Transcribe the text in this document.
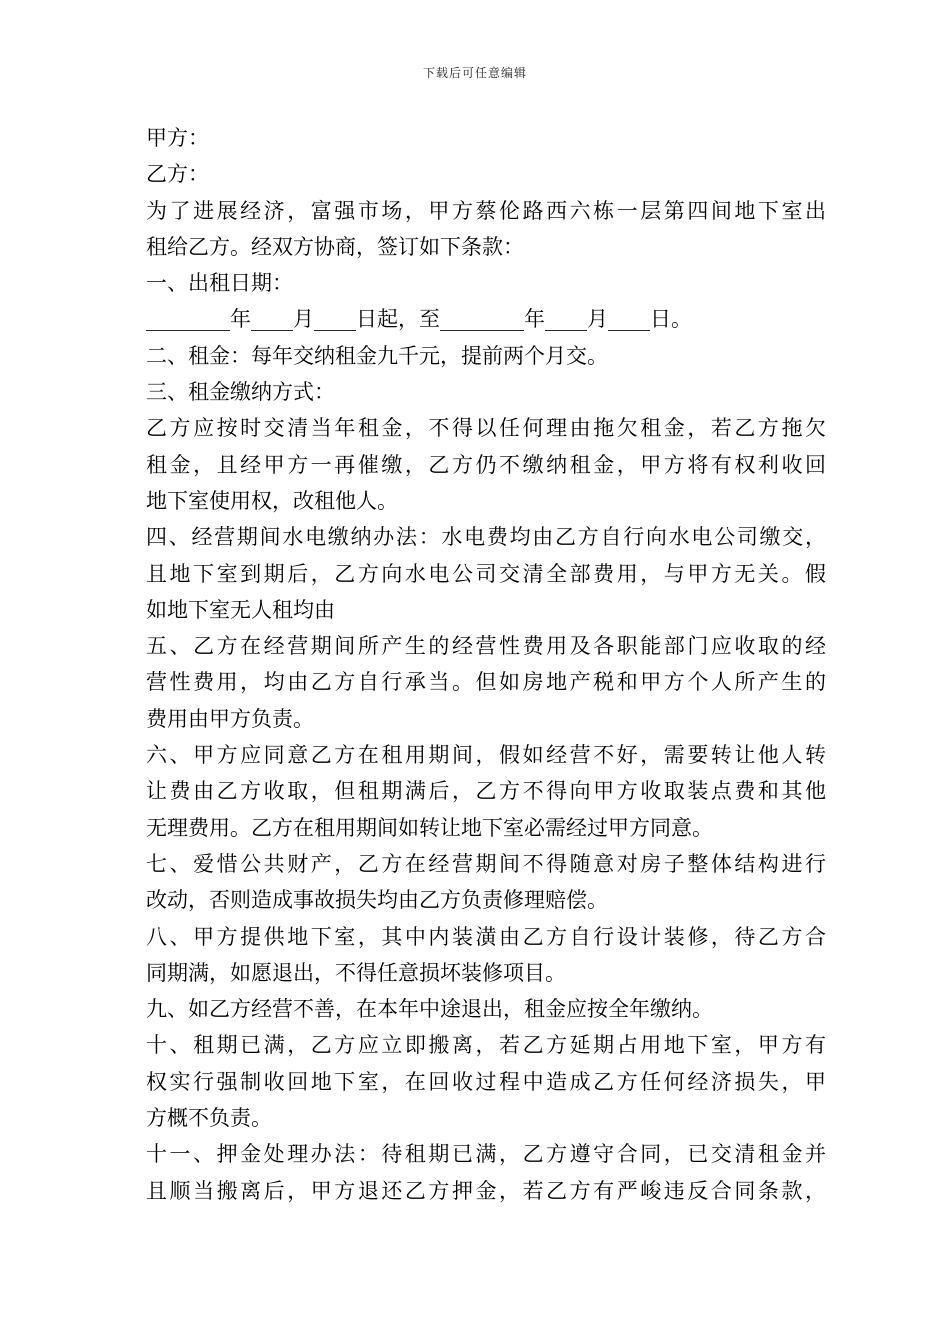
下载后可任意编辑
甲方：
乙方：
为了进展经济，富强市场，甲方蔡伦路西六栋一层第四间地下室出
租给乙方。经双方协商，签订如下条款：
一、出租日期：
________年____月____日起，至________年____月____日。
二、租金：每年交纳租金九千元，提前两个月交。
三、租金缴纳方式：
乙方应按时交清当年租金，不得以任何理由拖欠租金，若乙方拖欠
租金，且经甲方一再催缴，乙方仍不缴纳租金，甲方将有权利收回
地下室使用权，改租他人。
四、经营期间水电缴纳办法：水电费均由乙方自行向水电公司缴交，
且地下室到期后，乙方向水电公司交清全部费用，与甲方无关。假
如地下室无人租均由
五、乙方在经营期间所产生的经营性费用及各职能部门应收取的经
营性费用，均由乙方自行承当。但如房地产税和甲方个人所产生的
费用由甲方负责。
六、甲方应同意乙方在租用期间，假如经营不好，需要转让他人转
让费由乙方收取，但租期满后，乙方不得向甲方收取装点费和其他
无理费用。乙方在租用期间如转让地下室必需经过甲方同意。
七、爱惜公共财产，乙方在经营期间不得随意对房子整体结构进行
改动，否则造成事故损失均由乙方负责修理赔偿。
八、甲方提供地下室，其中内装潢由乙方自行设计装修，待乙方合
同期满，如愿退出，不得任意损坏装修项目。
九、如乙方经营不善，在本年中途退出，租金应按全年缴纳。
十、租期已满，乙方应立即搬离，若乙方延期占用地下室，甲方有
权实行强制收回地下室，在回收过程中造成乙方任何经济损失，甲
方概不负责。
十一、押金处理办法：待租期已满，乙方遵守合同，已交清租金并
且顺当搬离后，甲方退还乙方押金，若乙方有严峻违反合同条款，
